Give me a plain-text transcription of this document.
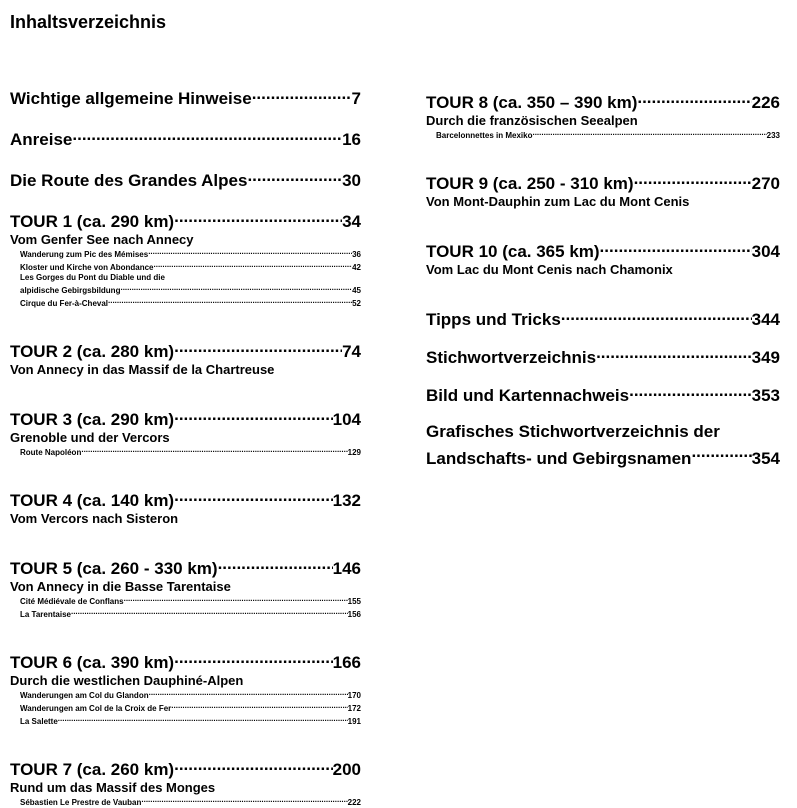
Inhaltsverzeichnis
Wichtige allgemeine Hinweise .....	7
Anreise .....	16
Die Route des Grandes Alpes .....	30
TOUR 1 (ca. 290 km) .....	34
Vom Genfer See nach Annecy
Wanderung zum Pic des Mémises .....	36
Kloster und Kirche von Abondance .....	42
Les Gorges du Pont du Diable und die
alpidische Gebirgsbildung .....	45
Cirque du Fer-à-Cheval .....	52
TOUR 2 (ca. 280 km) .....	74
Von Annecy in das Massif de la Chartreuse
TOUR 3 (ca. 290 km) .....	104
Grenoble und der Vercors
Route Napoléon .....	129
TOUR 4 (ca. 140 km) .....	132
Vom Vercors nach Sisteron
TOUR 5 (ca. 260 - 330 km) .....	146
Von Annecy in die Basse Tarentaise
Cité Médiévale de Conflans .....	155
La Tarentaise .....	156
TOUR 6 (ca. 390 km) .....	166
Durch die westlichen Dauphiné-Alpen
Wanderungen am Col du Glandon .....	170
Wanderungen am Col de la Croix de Fer .....	172
La Salette .....	191
TOUR 7 (ca. 260 km) .....	200
Rund um das Massif des Monges
Sébastien Le Prestre de Vauban .....	222
TOUR 8 (ca. 350 – 390 km) .....	226
Durch die französischen Seealpen
Barcelonnettes in Mexiko .....	233
TOUR 9 (ca. 250 - 310 km) .....	270
Von Mont-Dauphin zum Lac du Mont Cenis
TOUR 10 (ca. 365 km) .....	304
Vom Lac du Mont Cenis nach Chamonix
Tipps und Tricks .....	344
Stichwortverzeichnis .....	349
Bild und Kartennachweis .....	353
Grafisches Stichwortverzeichnis der
Landschafts- und Gebirgsnamen .....	354
